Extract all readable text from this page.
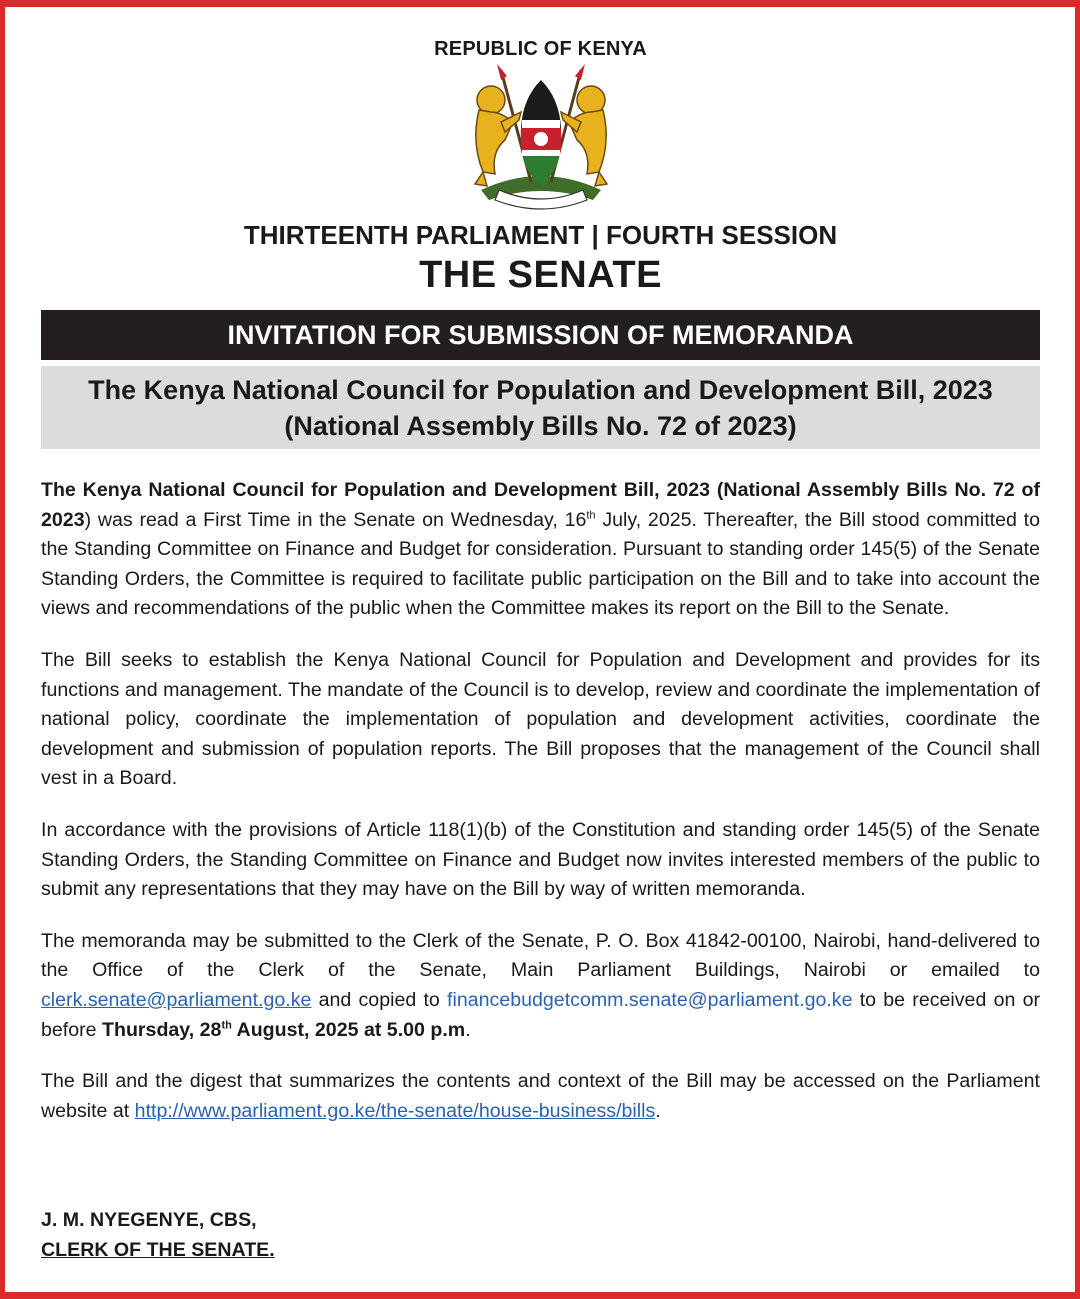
REPUBLIC OF KENYA
THIRTEENTH PARLIAMENT | FOURTH SESSION
THE SENATE
INVITATION FOR SUBMISSION OF MEMORANDA
The Kenya National Council for Population and Development Bill, 2023
(National Assembly Bills No. 72 of 2023)

The Kenya National Council for Population and Development Bill, 2023 (National Assembly Bills No. 72 of 2023) was read a First Time in the Senate on Wednesday, 16th July, 2025. Thereafter, the Bill stood committed to the Standing Committee on Finance and Budget for consideration. Pursuant to standing order 145(5) of the Senate Standing Orders, the Committee is required to facilitate public participation on the Bill and to take into account the views and recommendations of the public when the Committee makes its report on the Bill to the Senate.

The Bill seeks to establish the Kenya National Council for Population and Development and provides for its functions and management. The mandate of the Council is to develop, review and coordinate the implementation of national policy, coordinate the implementation of population and development activities, coordinate the development and submission of population reports. The Bill proposes that the management of the Council shall vest in a Board.

In accordance with the provisions of Article 118(1)(b) of the Constitution and standing order 145(5) of the Senate Standing Orders, the Standing Committee on Finance and Budget now invites interested members of the public to submit any representations that they may have on the Bill by way of written memoranda.

The memoranda may be submitted to the Clerk of the Senate, P. O. Box 41842-00100, Nairobi, hand-delivered to the Office of the Clerk of the Senate, Main Parliament Buildings, Nairobi or emailed to clerk.senate@parliament.go.ke and copied to financebudgetcomm.senate@parliament.go.ke to be received on or before Thursday, 28th August, 2025 at 5.00 p.m.

The Bill and the digest that summarizes the contents and context of the Bill may be accessed on the Parliament website at http://www.parliament.go.ke/the-senate/house-business/bills.

J. M. NYEGENYE, CBS,
CLERK OF THE SENATE.
